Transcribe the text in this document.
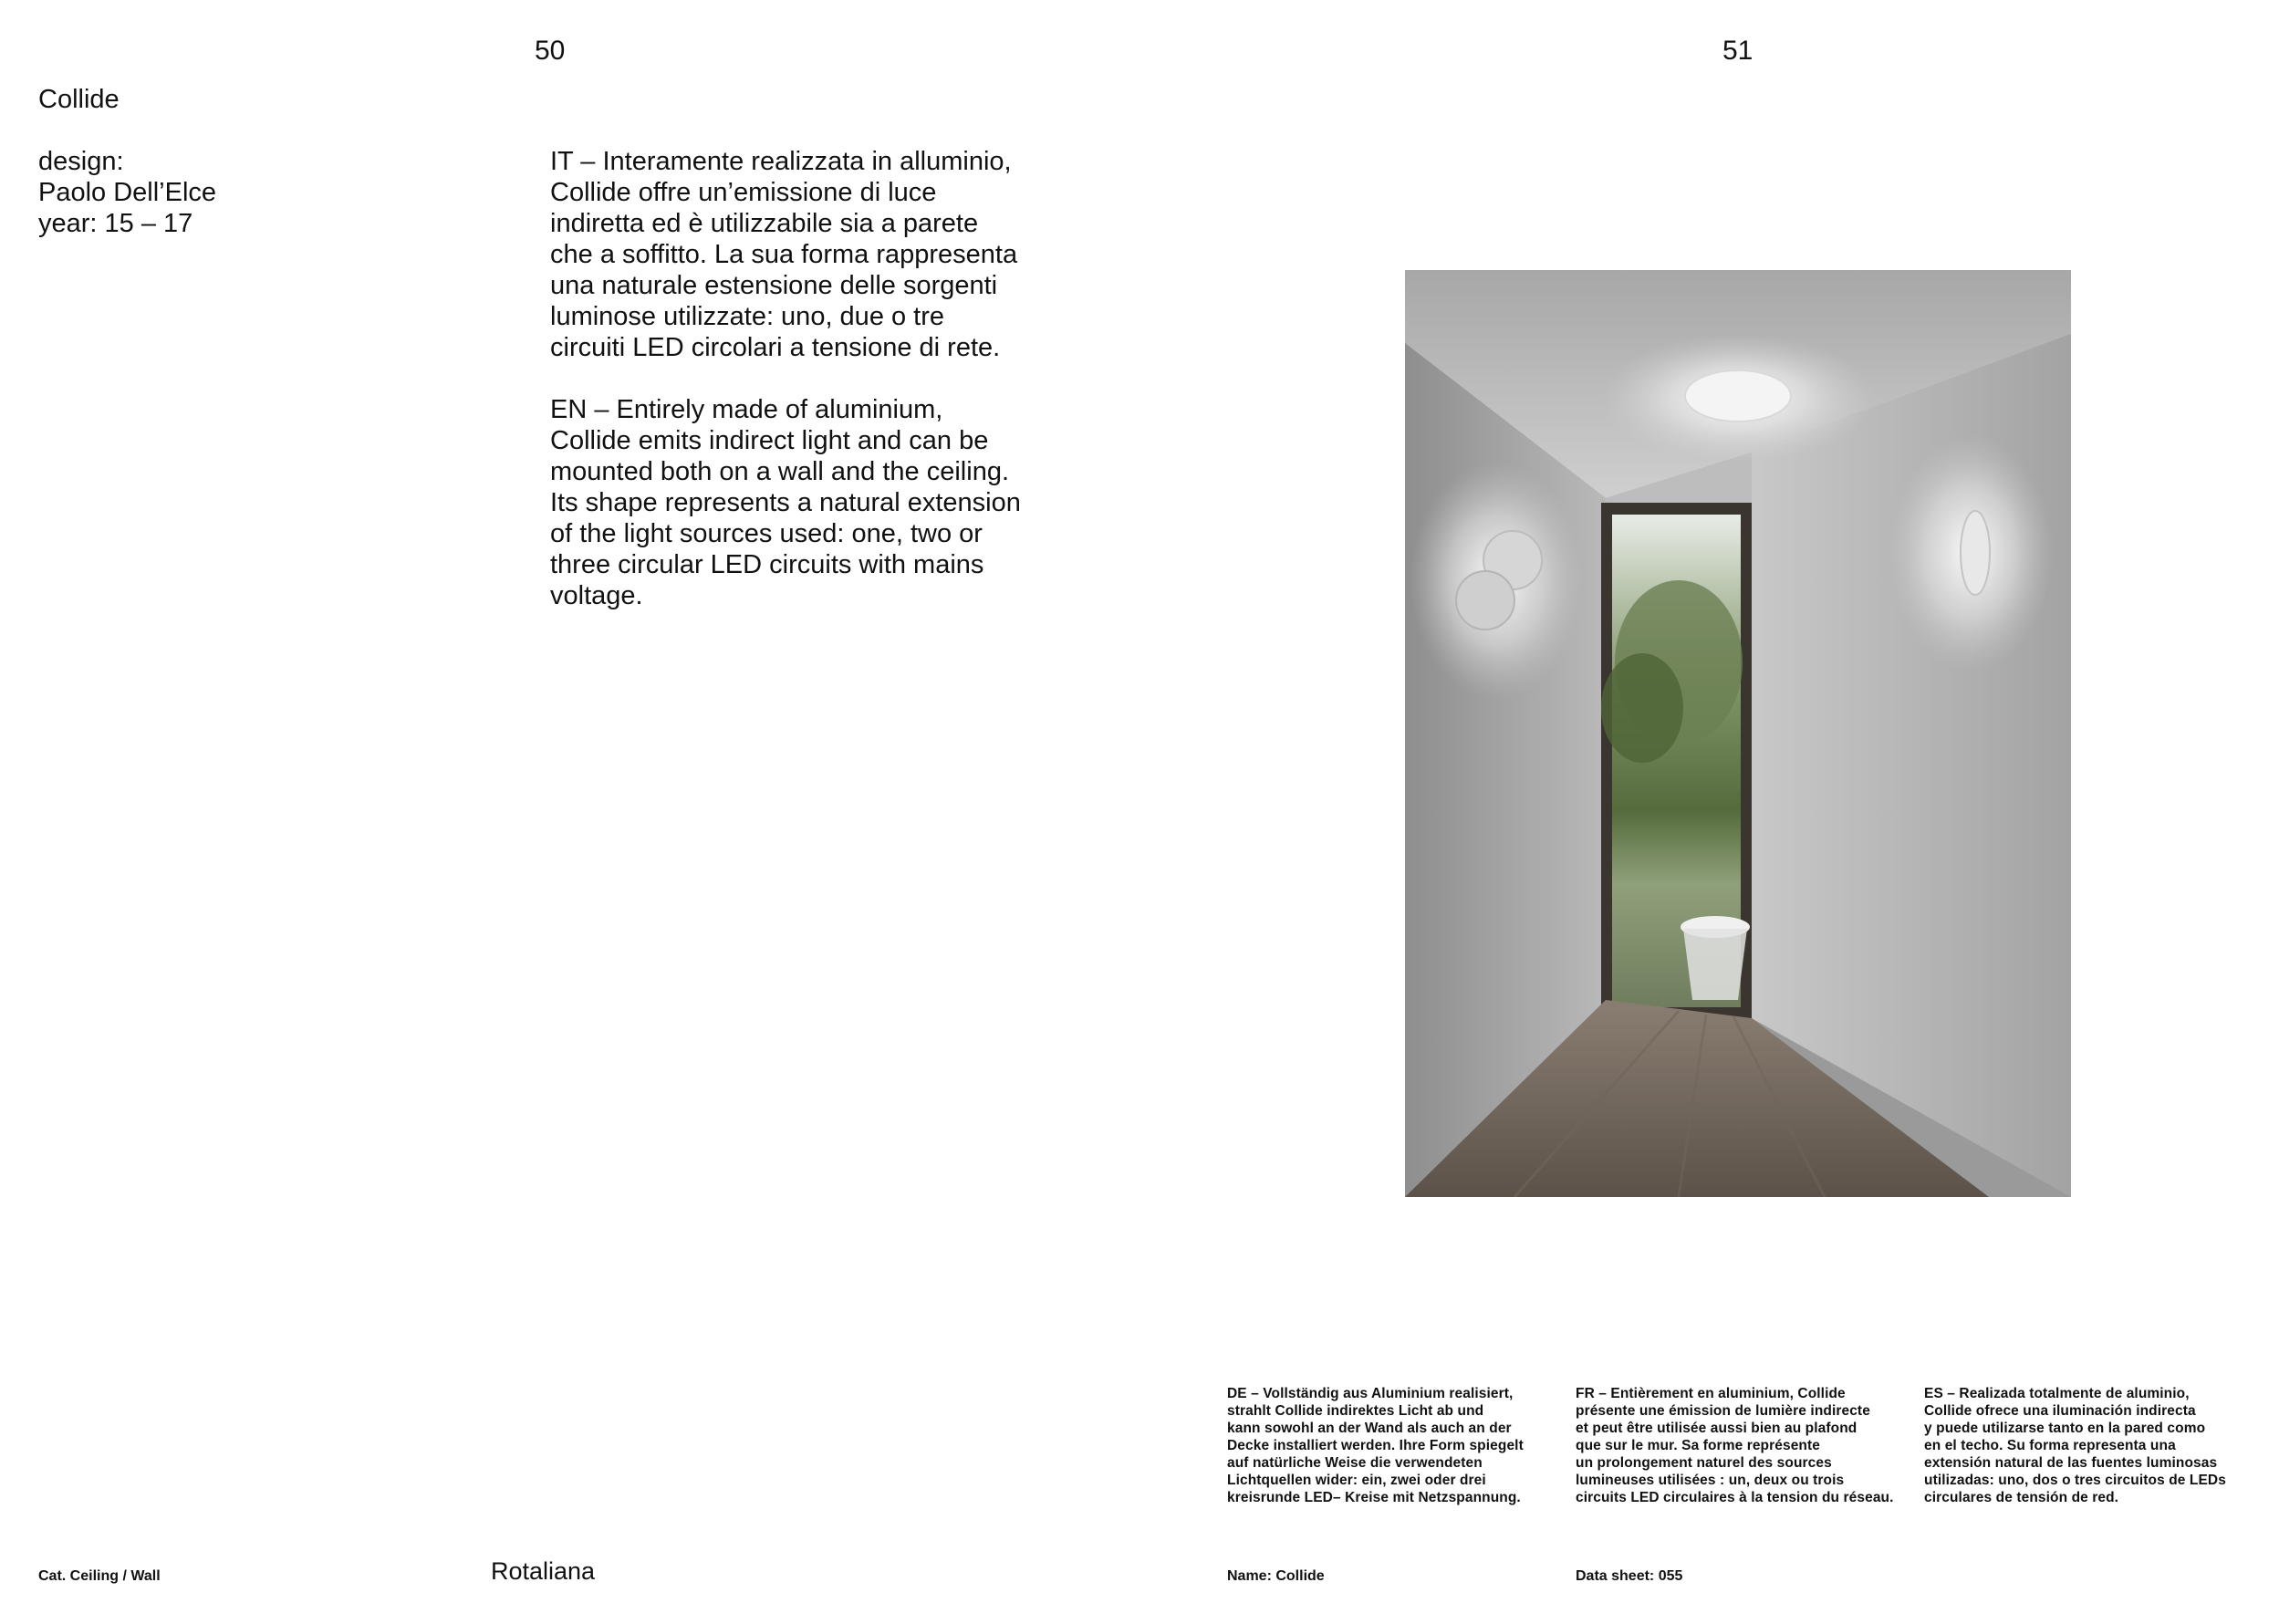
50
Collide
design:
Paolo Dell’Elce
year: 15 – 17

IT – Interamente realizzata in alluminio,
Collide offre un’emissione di luce
indiretta ed è utilizzabile sia a parete
che a soffitto. La sua forma rappresenta
una naturale estensione delle sorgenti
luminose utilizzate: uno, due o tre
circuiti LED circolari a tensione di rete.

EN – Entirely made of aluminium,
Collide emits indirect light and can be
mounted both on a wall and the ceiling.
Its shape represents a natural extension
of the light sources used: one, two or
three circular LED circuits with mains
voltage.

Cat. Ceiling / Wall	Rotaliana
51
DE – Vollständig aus Aluminium realisiert,
strahlt Collide indirektes Licht ab und
kann sowohl an der Wand als auch an der
Decke installiert werden. Ihre Form spiegelt
auf natürliche Weise die verwendeten
Lichtquellen wider: ein, zwei oder drei
kreisrunde LED– Kreise mit Netzspannung.
FR – Entièrement en aluminium, Collide
présente une émission de lumière indirecte
et peut être utilisée aussi bien au plafond
que sur le mur. Sa forme représente
un prolongement naturel des sources
lumineuses utilisées : un, deux ou trois
circuits LED circulaires à la tension du réseau.
ES – Realizada totalmente de aluminio,
Collide ofrece una iluminación indirecta
y puede utilizarse tanto en la pared como
en el techo. Su forma representa una
extensión natural de las fuentes luminosas
utilizadas: uno, dos o tres circuitos de LEDs
circulares de tensión de red.
Name: Collide	Data sheet: 055
